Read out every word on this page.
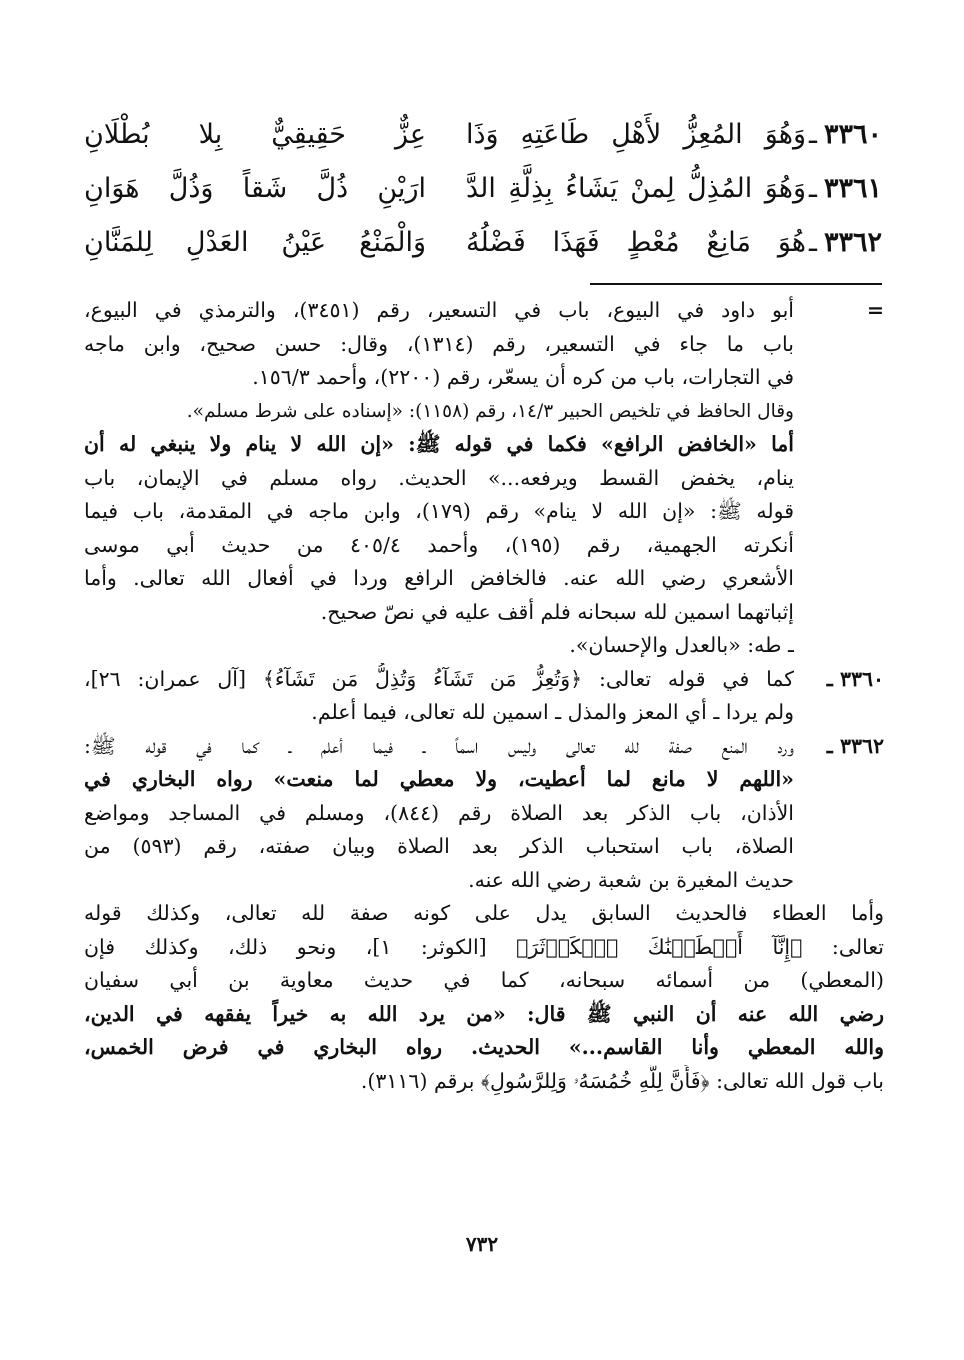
٣٣٦٠
ـ
وَهُوَ المُعِزُّ لأَهْلِ طَاعَتِهِ وَذَا
عِزٌّ حَقِيقِيٌّ بِلا بُطْلَانِ
٣٣٦١
ـ
وَهُوَ المُذِلُّ لِمنْ يَشَاءُ بِذِلَّةِ الدَّ
ارَيْنِ ذُلَّ شَقاً وَذُلَّ هَوَانِ
٣٣٦٢
ـ
هُوَ مَانِعٌ مُعْطٍ فَهَذَا فَضْلُهُ
وَالْمَنْعُ عَيْنُ العَدْلِ لِلمَنَّانِ
=
أبو داود في البيوع، باب في التسعير، رقم (٣٤٥١)، والترمذي في البيوع،
باب ما جاء في التسعير، رقم (١٣١٤)، وقال: حسن صحيح، وابن ماجه
في التجارات، باب من كره أن يسعّر، رقم (٢٢٠٠)، وأحمد ١٥٦/٣.
وقال الحافظ في تلخيص الحبير ١٤/٣، رقم (١١٥٨): «إسناده على شرط مسلم».
أما «الخافض الرافع» فكما في قوله ﷺ: «إن الله لا ينام ولا ينبغي له أن
ينام، يخفض القسط ويرفعه...» الحديث. رواه مسلم في الإيمان، باب
قوله ﷺ: «إن الله لا ينام» رقم (١٧٩)، وابن ماجه في المقدمة، باب فيما
أنكرته الجهمية، رقم (١٩٥)، وأحمد ٤٠٥/٤ من حديث أبي موسى
الأشعري رضي الله عنه. فالخافض الرافع وردا في أفعال الله تعالى. وأما
إثباتهما اسمين لله سبحانه فلم أقف عليه في نصّ صحيح.
ـ طه: «بالعدل والإحسان».
٣٣٦٠ ـ
كما في قوله تعالى: ﴿وَتُعِزُّ مَن تَشَآءُ وَتُذِلُّ مَن تَشَآءُ﴾ [آل عمران: ٢٦]،
ولم يردا ـ أي المعز والمذل ـ اسمين لله تعالى، فيما أعلم.
٣٣٦٢ ـ
ورد المنع صفة لله تعالى وليس اسماً ـ فيما أعلم ـ كما في قوله ﷺ:
«اللهم لا مانع لما أعطيت، ولا معطي لما منعت» رواه البخاري في
الأذان، باب الذكر بعد الصلاة رقم (٨٤٤)، ومسلم في المساجد ومواضع
الصلاة، باب استحباب الذكر بعد الصلاة وبيان صفته، رقم (٥٩٣) من
حديث المغيرة بن شعبة رضي الله عنه.
وأما العطاء فالحديث السابق يدل على كونه صفة لله تعالى، وكذلك قوله
تعالى: ﴿إِنَّآ أَعۡطَيۡنَٰكَ ٱلۡكَوۡثَرَ﴾ [الكوثر: ١]، ونحو ذلك، وكذلك فإن
(المعطي) من أسمائه سبحانه، كما في حديث معاوية بن أبي سفيان
رضي الله عنه أن النبي ﷺ قال: «من يرد الله به خيراً يفقهه في الدين،
والله المعطي وأنا القاسم...» الحديث. رواه البخاري في فرض الخمس،
باب قول الله تعالى: ﴿فَأَنَّ لِلَّهِ خُمُسَهُۥ وَلِلرَّسُولِ﴾ برقم (٣١١٦).
٧٣٢
